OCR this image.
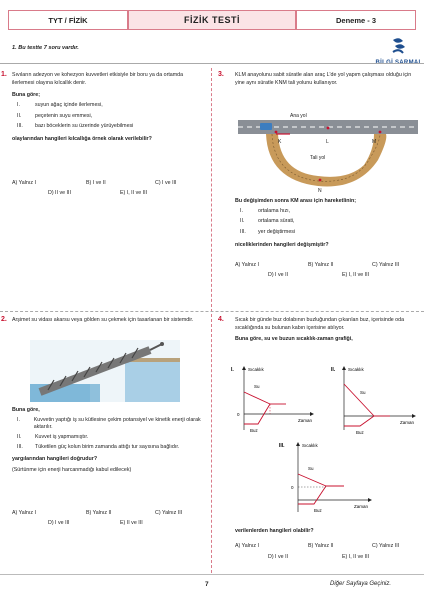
TYT / FİZİK	FİZİK TESTİ	Deneme - 3
1. Bu testte 7 soru vardır.
BİLGİ SARMAL
1. Sıvıların adezyon ve kohezyon kuvvetleri etkisiyle bir boru ya da ortamda ilerlemesi olayına kılcallık denir.
Buna göre;
I.	suyun ağaç içinde ilerlemesi,
II.	peçetenin suyu emmesi,
III.	bazı böceklerin su üzerinde yürüyebilmesi
olaylarından hangileri kılcallığa örnek olarak verilebilir?
A) Yalnız I	B) I ve II	C) I ve III
D) II ve III	E) I, II ve III
3. KLM anayolunu sabit süratle alan araç L'de yol yapım çalışması olduğu için yine aynı süratle KNM tali yolunu kullanıyor.
Ana yol
K	L	M
Tali yol
N
Bu değişimden sonra KM arası için hareketlinin;
I.	ortalama hızı,
II.	ortalama sürati,
III.	yer değiştirmesi
niceliklerinden hangileri değişmiştir?
A) Yalnız I	B) Yalnız II	C) Yalnız III
D) I ve II	E) I, II ve III
2. Arşimet su vidası akarsu veya gölden su çekmek için tasarlanan bir sistemdir.
Buna göre,
I.	Kuvvetin yaptığı iş su kütlesine çekim potansiyel ve kinetik enerji olarak aktarılır.
II.	Kuvvet iş yapmamıştır.
III.	Tüketilen güç kolun birim zamanda attığı tur sayısına bağlıdır.
yargılarından hangileri doğrudur?
(Sürtünme için enerji harcanmadığı kabul edilecek)
A) Yalnız I	B) Yalnız II	C) Yalnız III
D) I ve III	E) II ve III
4. Sıcak bir günde buz dolabının buzluğundan çıkarılan buz, içerisinde oda sıcaklığında su bulunan kabın içerisine atılıyor.
Buna göre, su ve buzun sıcaklık-zaman grafiği,
I.	Sıcaklık
Zaman
0
Su
Buz
II.	Sıcaklık
Zaman
Su
Buz
III.	Sıcaklık
Zaman
0
Su
Buz
verilenlerden hangileri olabilir?
A) Yalnız I	B) Yalnız II	C) Yalnız III
D) I ve II	E) I, II ve III
7	Diğer Sayfaya Geçiniz.
